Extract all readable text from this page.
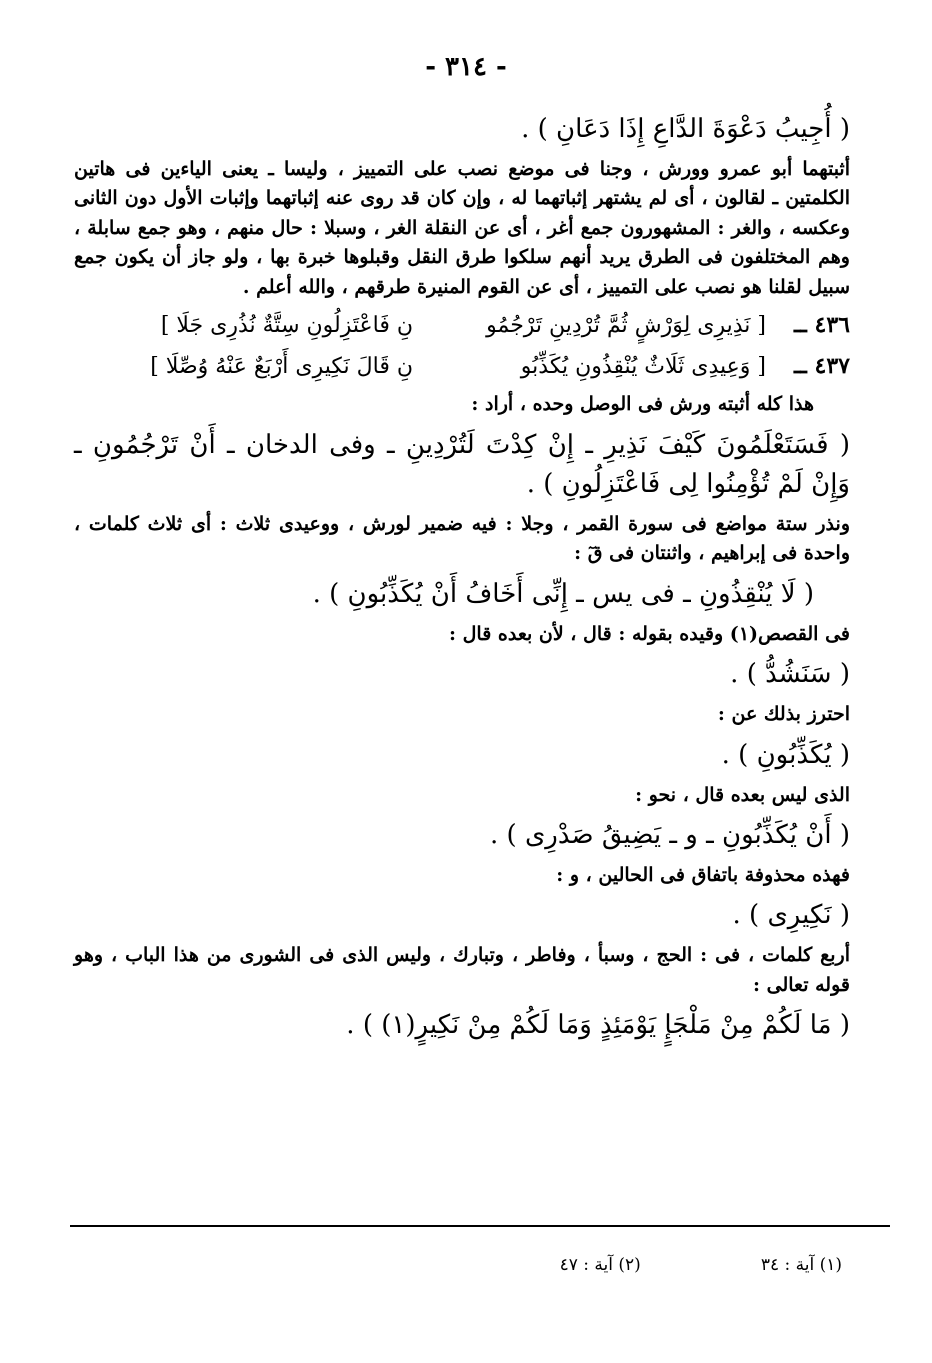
- ٣١٤ -
( أُجِيبُ دَعْوَةَ الدَّاعِ إِذَا دَعَانِ ) .
أثبتهما أبو عمرو وورش ، وجنا فى موضع نصب على التمييز ، وليسا ـ يعنى الياءين فى هاتين الكلمتين ـ لقالون ، أى لم يشتهر إثباتهما له ، وإن كان قد روى عنه إثباتهما وإثبات الأول دون الثانى وعكسه ، والغر : المشهورون جمع أغر ، أى عن النقلة الغر ، وسبلا : حال منهم ، وهو جمع سابلة ، وهم المختلفون فى الطرق يريد أنهم سلكوا طرق النقل وقبلوها خبرة بها ، ولو جاز أن يكون جمع سبيل لقلنا هو نصب على التمييز ، أى عن القوم المنيرة طرقهم ، والله أعلم .
٤٣٦ ــ
[ نَذِيرِى لِوَرْشٍ ثُمَّ تُرْدِينِ تَرْجُمُو
نِ فَاعْتَزِلُونِ سِتَّةٌ نُذُرِى جَلَا ]
٤٣٧ ــ
[ وَعِيدِى ثَلَاثٌ يُنْقِذُونِ يُكَذِّبُو
نِ قَالَ نَكِيرِى أَرْبَعٌ عَنْهُ وُصِّلَا ]
هذا كله أثبته ورش فى الوصل وحده ، أراد :
( فَسَتَعْلَمُونَ كَيْفَ نَذِيرِ ـ إِنْ كِدْتَ لَتُرْدِينِ ـ وفى الدخان ـ أَنْ تَرْجُمُونِ ـ وَإِنْ لَمْ تُؤْمِنُوا لِى فَاعْتَزِلُونِ ) .
ونذر ستة مواضع فى سورة القمر ، وجلا : فيه ضمير لورش ، ووعيدى ثلاث : أى ثلاث كلمات ، واحدة فى إبراهيم ، واثنتان فى قٓ :
( لَا يُنْقِذُونِ ـ فى يس ـ إِنِّى أَخَافُ أَنْ يُكَذِّبُونِ ) .
فى القصص(١) وقيده بقوله : قال ، لأن بعده قال :
( سَنَشُدُّ ) .
احترز بذلك عن :
( يُكَذِّبُونِ ) .
الذى ليس بعده قال ، نحو :
( أَنْ يُكَذِّبُونِ ـ و ـ يَضِيقُ صَدْرِى ) .
فهذه محذوفة باتفاق فى الحالين ، و :
( نَكِيرِى ) .
أربع كلمات ، فى : الحج ، وسبأ ، وفاطر ، وتبارك ، وليس الذى فى الشورى من هذا الباب ، وهو قوله تعالى :
( مَا لَكُمْ مِنْ مَلْجَإٍ يَوْمَئِذٍ وَمَا لَكُمْ مِنْ نَكِيرٍ(١) ) .
(١) آية : ٣٤
(٢) آية : ٤٧
